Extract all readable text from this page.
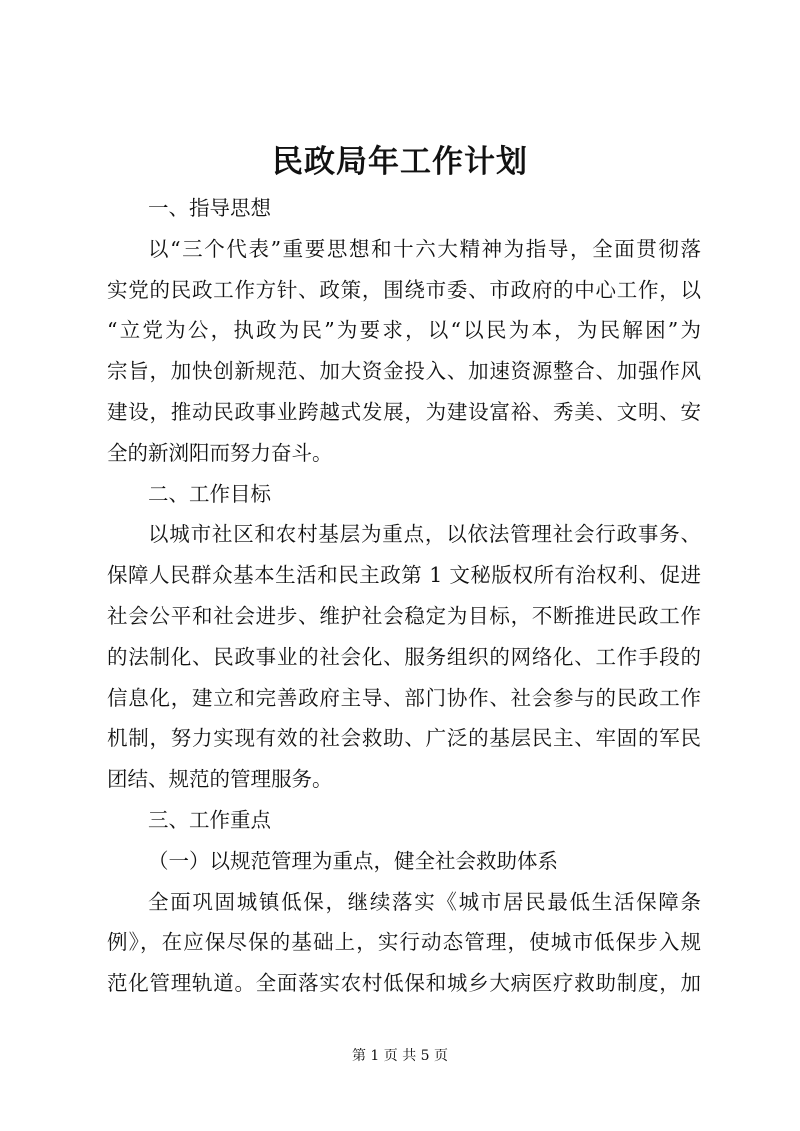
民政局年工作计划
一、指导思想
以“三个代表”重要思想和十六大精神为指导，全面贯彻落
实党的民政工作方针、政策，围绕市委、市政府的中心工作，以
“立党为公，执政为民”为要求，以“以民为本，为民解困”为
宗旨，加快创新规范、加大资金投入、加速资源整合、加强作风
建设，推动民政事业跨越式发展，为建设富裕、秀美、文明、安
全的新浏阳而努力奋斗。
二、工作目标
以城市社区和农村基层为重点，以依法管理社会行政事务、
保障人民群众基本生活和民主政第 1 文秘版权所有治权利、促进
社会公平和社会进步、维护社会稳定为目标，不断推进民政工作
的法制化、民政事业的社会化、服务组织的网络化、工作手段的
信息化，建立和完善政府主导、部门协作、社会参与的民政工作
机制，努力实现有效的社会救助、广泛的基层民主、牢固的军民
团结、规范的管理服务。
三、工作重点
（一）以规范管理为重点，健全社会救助体系
全面巩固城镇低保，继续落实《城市居民最低生活保障条
例》，在应保尽保的基础上，实行动态管理，使城市低保步入规
范化管理轨道。全面落实农村低保和城乡大病医疗救助制度，加
第 1 页 共 5 页
